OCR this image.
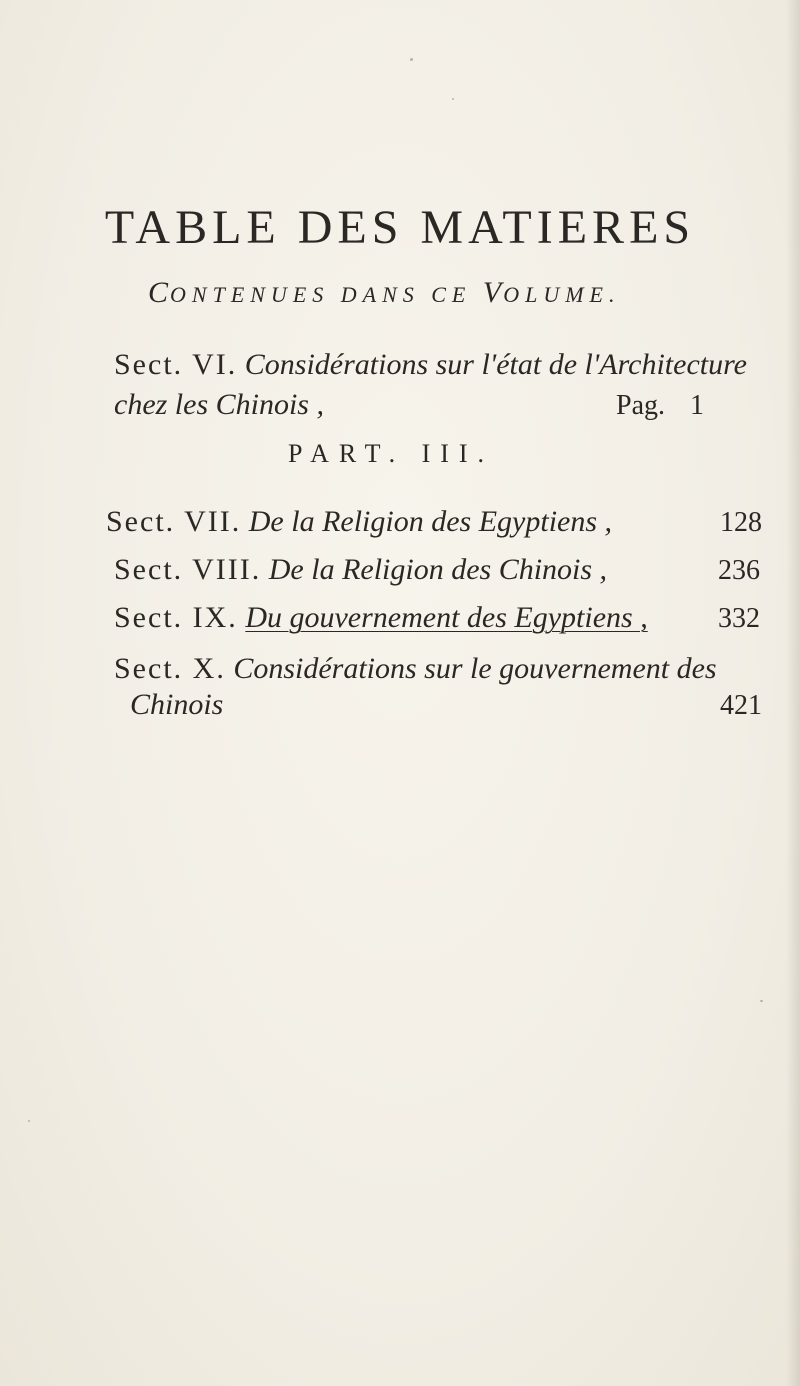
TABLE DES MATIERES

CONTENUES DANS CE VOLUME.

Sect. VI. Considérations sur l'état de l'Architecture
chez les Chinois ,	Pag. 1
PART. III.
Sect. VII. De la Religion des Egyptiens ,	128
Sect. VIII. De la Religion des Chinois ,	236
Sect. IX. Du gouvernement des Egyptiens ,	332
Sect. X. Considérations sur le gouvernement des
Chinois	421
